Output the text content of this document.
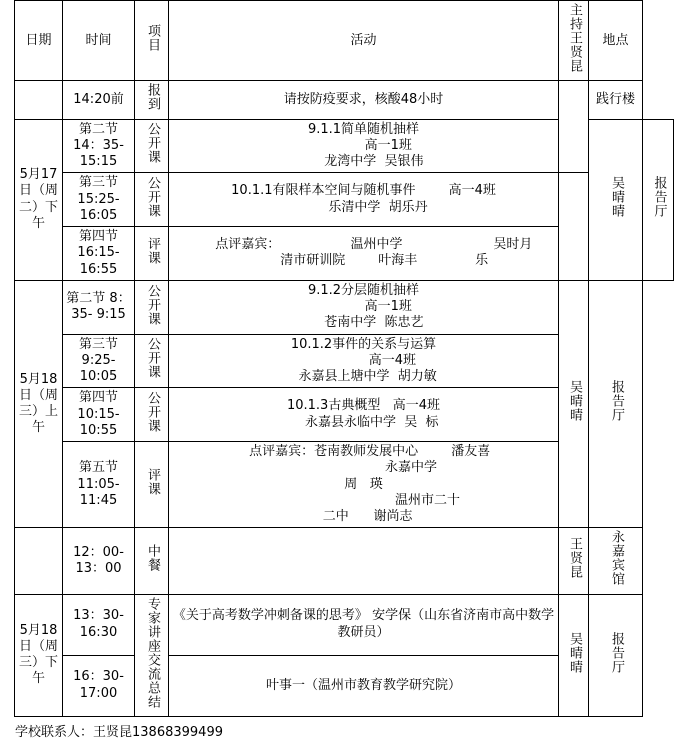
日期	时间	项目	活动	主持王贤昆	地点	
	14:20前	报到	请按防疫要求，核酸48小时		践行楼	
5月17日（周二）下午	第二节 14：35- 15:15	公开课	9.1.1简单随机抽样
高一1班
龙湾中学  吴银伟		吴晴晴	报告厅
	第三节 15:25- 16:05	公开课	10.1.1有限样本空间与随机事件        高一4班
乐清中学  胡乐丹			

	第四节 16:15- 16:55	评课	点评嘉宾：                 温州中学                      吴时月
清市研训院        叶海丰              乐			

5月18日（周三）上午	第二节 8：35- 9:15	公开课	9.1.2分层随机抽样
高一1班
苍南中学  陈忠艺	吴晴晴	报告厅	
	第三节 9:25- 10:05	公开课	10.1.2事件的关系与运算
高一4班
永嘉县上塘中学  胡力敏			

	第四节 10:15- 10:55	公开课	10.1.3古典概型   高一4班
永嘉县永临中学  吴  标			

	第五节 11:05- 11:45	评课	点评嘉宾：苍南教师发展中心        潘友喜
永嘉中学
周   瑛
温州市二十
二中      谢尚志			

	12：00- 13：00	中餐		王贤昆	永嘉宾馆	
5月18日（周三）下午	13：30- 16:30	专家讲座交流总结	《关于高考数学冲刺备课的思考》 安学保（山东省济南市高中数学教研员）	吴晴晴	报告厅	
	16：30- 17:00		叶事一（温州市教育教学研究院）			
学校联系人：王贤昆13868399499
